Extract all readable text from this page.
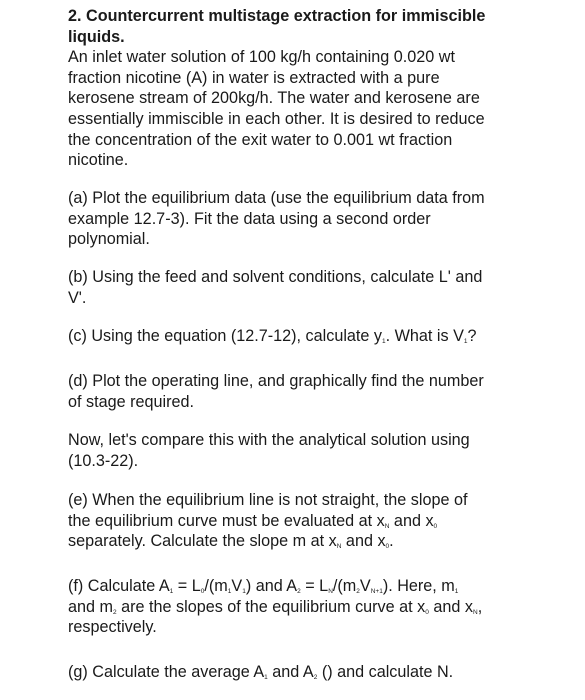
2. Countercurrent multistage extraction for immiscible
liquids.
An inlet water solution of 100 kg/h containing 0.020 wt
fraction nicotine (A) in water is extracted with a pure
kerosene stream of 200kg/h. The water and kerosene are
essentially immiscible in each other. It is desired to reduce
the concentration of the exit water to 0.001 wt fraction
nicotine.
(a) Plot the equilibrium data (use the equilibrium data from
example 12.7-3). Fit the data using a second order
polynomial.
(b) Using the feed and solvent conditions, calculate L' and
V'.
(c) Using the equation (12.7-12), calculate $y_1$. What is $V_1$?
(d) Plot the operating line, and graphically find the number
of stage required.
Now, let's compare this with the analytical solution using
(10.3-22).
(e) When the equilibrium line is not straight, the slope of
the equilibrium curve must be evaluated at $x_N$ and $x_0$
separately. Calculate the slope m at $x_N$ and $x_0$.
(f) Calculate $A_1 = L_0/(m_1V_1)$ and $A_2 = L_N/(m_2V_{N+1})$. Here, $m_1$
and $m_2$ are the slopes of the equilibrium curve at $x_0$ and $x_N$,
respectively.
(g) Calculate the average $A_1$ and $A_2$ () and calculate N.
